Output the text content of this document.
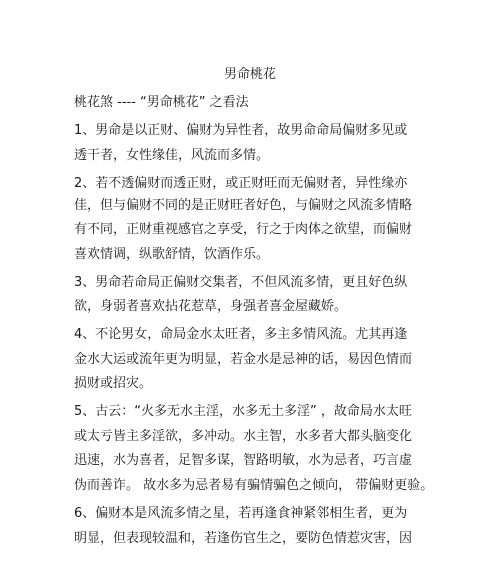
男命桃花
桃花煞 ---- “男命桃花” 之看法
1、男命是以正财、偏财为异性者，故男命命局偏财多见或
透干者，女性缘佳，风流而多情。
2、若不透偏财而透正财，或正财旺而无偏财者，异性缘亦
佳，但与偏财不同的是正财旺者好色，与偏财之风流多情略
有不同，正财重视感官之享受，行之于肉体之欲望，而偏财
喜欢情调，纵歌舒情，饮酒作乐。
3、男命若命局正偏财交集者，不但风流多情，更且好色纵
欲，身弱者喜欢拈花惹草，身强者喜金屋藏娇。
4、不论男女，命局金水太旺者，多主多情风流。尤其再逢
金水大运或流年更为明显，若金水是忌神的话，易因色情而
损财或招灾。
5、古云：“火多无水主淫，水多无土多淫” ，故命局水太旺
或太亏皆主多淫欲，多冲动。水主智，水多者大都头脑变化
迅速，水为喜者，足智多谋，智路明敏，水为忌者，巧言虚
伪而善诈。 故水多为忌者易有骗情骗色之倾向， 带偏财更验。
6、偏财本是风流多情之星，若再逢食神紧邻相生者，更为
明显，但表现较温和，若逢伤官生之，要防色情惹灾害，因
